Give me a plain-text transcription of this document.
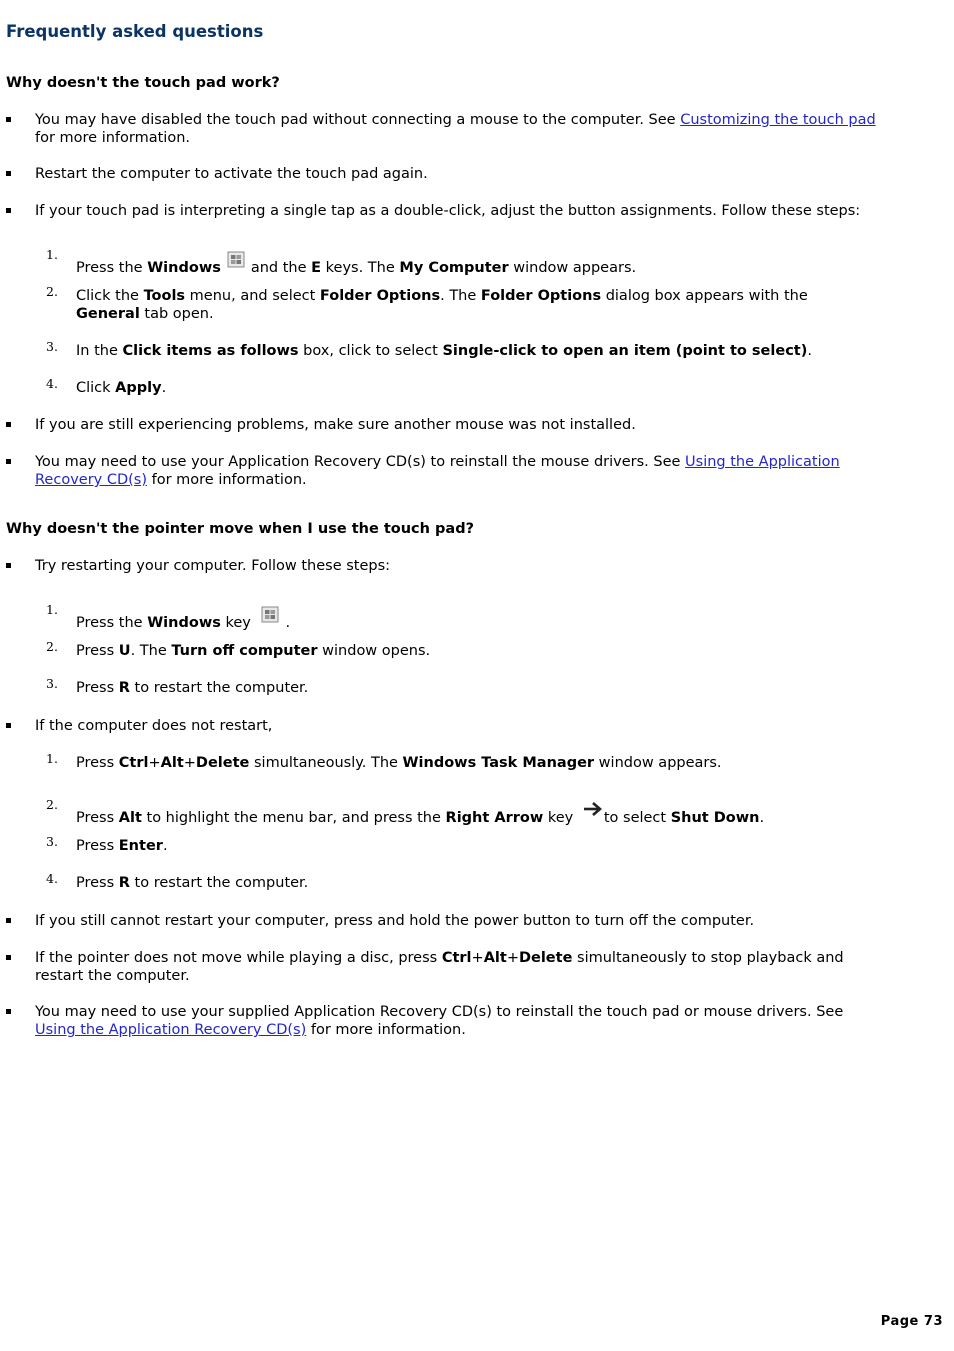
Frequently asked questions
Why doesn't the touch pad work?
You may have disabled the touch pad without connecting a mouse to the computer. See Customizing the touch pad
for more information.
Restart the computer to activate the touch pad again.
If your touch pad is interpreting a single tap as a double-click, adjust the button assignments. Follow these steps:
1.
Press the Windows and the E keys. The My Computer window appears.
2. Click the Tools menu, and select Folder Options. The Folder Options dialog box appears with the
General tab open.
3. In the Click items as follows box, click to select Single-click to open an item (point to select).
4. Click Apply.
If you are still experiencing problems, make sure another mouse was not installed.
You may need to use your Application Recovery CD(s) to reinstall the mouse drivers. See Using the Application
Recovery CD(s) for more information.
Why doesn't the pointer move when I use the touch pad?
Try restarting your computer. Follow these steps:
1.
Press the Windows key .
2. Press U. The Turn off computer window opens.
3. Press R to restart the computer.
If the computer does not restart,
1. Press Ctrl+Alt+Delete simultaneously. The Windows Task Manager window appears.
2.
Press Alt to highlight the menu bar, and press the Right Arrow key to select Shut Down.
3. Press Enter.
4. Press R to restart the computer.
If you still cannot restart your computer, press and hold the power button to turn off the computer.
If the pointer does not move while playing a disc, press Ctrl+Alt+Delete simultaneously to stop playback and
restart the computer.
You may need to use your supplied Application Recovery CD(s) to reinstall the touch pad or mouse drivers. See
Using the Application Recovery CD(s) for more information.
Page 73
